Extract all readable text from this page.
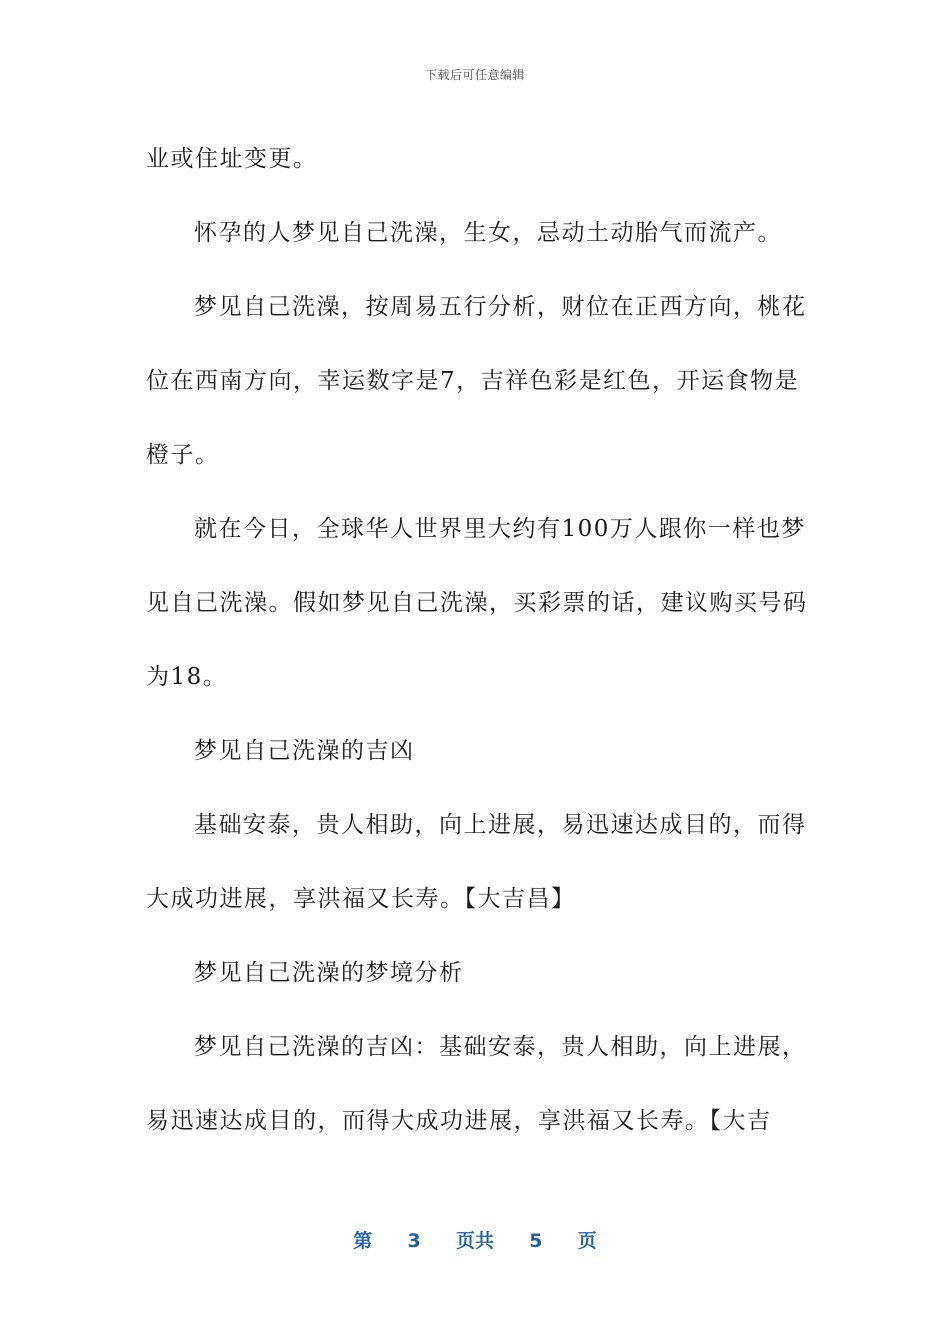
下载后可任意编辑
业或住址变更。
怀孕的人梦见自己洗澡，生女，忌动土动胎气而流产。
梦见自己洗澡，按周易五行分析，财位在正西方向，桃花
位在西南方向，幸运数字是7，吉祥色彩是红色，开运食物是
橙子。
就在今日，全球华人世界里大约有100万人跟你一样也梦
见自己洗澡。假如梦见自己洗澡，买彩票的话，建议购买号码
为18。
梦见自己洗澡的吉凶
基础安泰，贵人相助，向上进展，易迅速达成目的，而得
大成功进展，享洪福又长寿。【大吉昌】
梦见自己洗澡的梦境分析
梦见自己洗澡的吉凶：基础安泰，贵人相助，向上进展，
易迅速达成目的，而得大成功进展，享洪福又长寿。【大吉
第 3 页共 5 页
